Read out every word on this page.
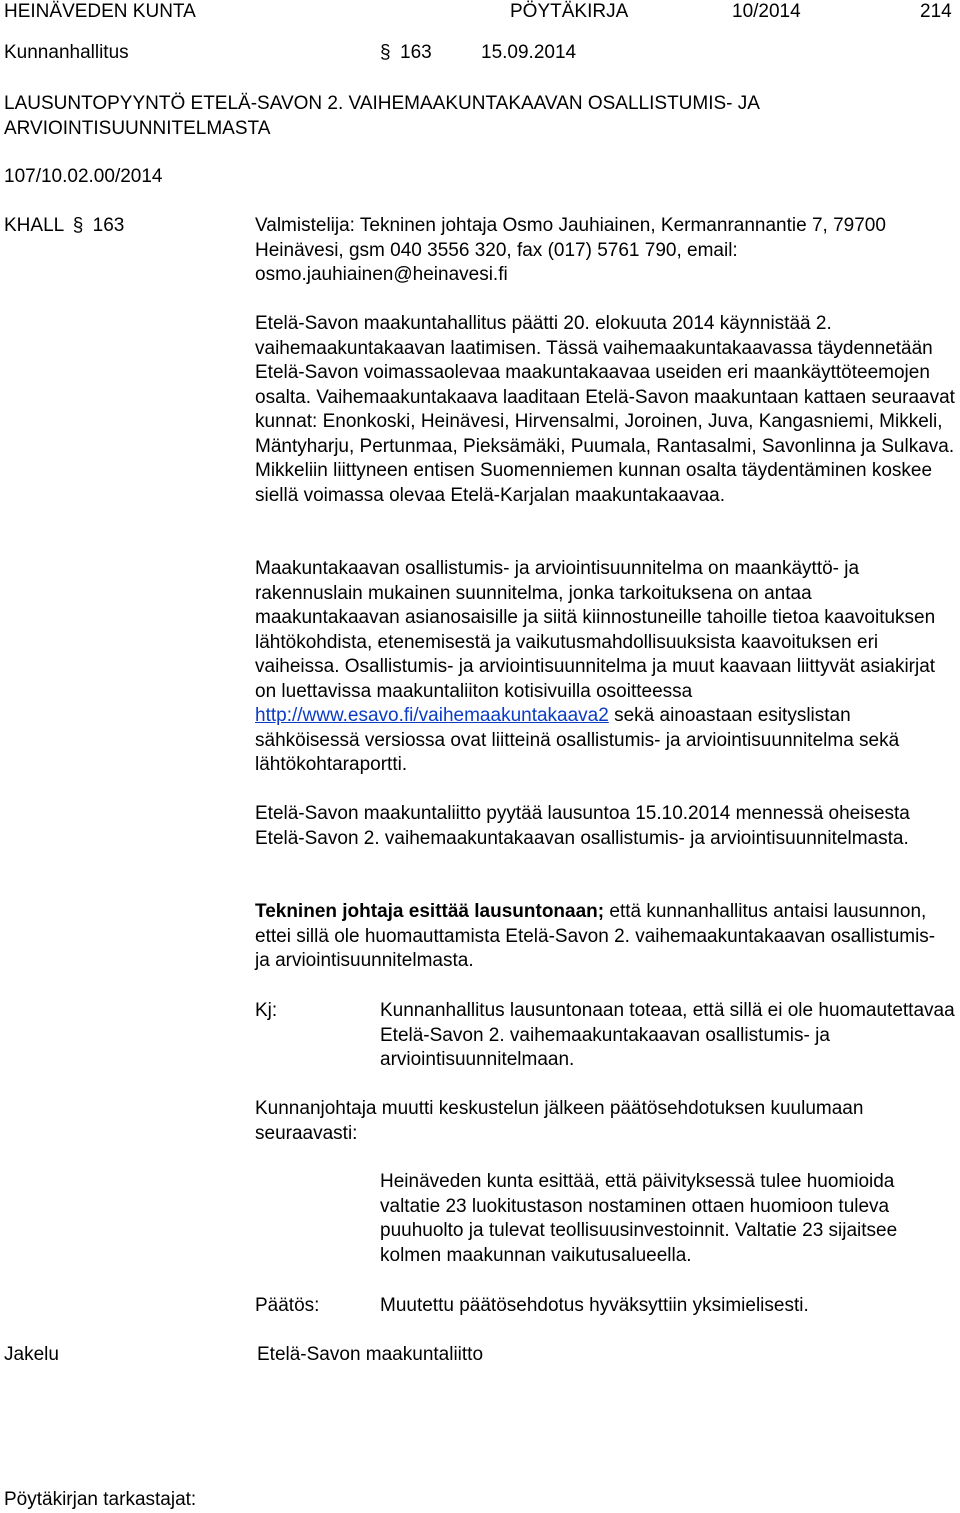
HEINÄVEDEN KUNTA	PÖYTÄKIRJA	10/2014	214
Kunnanhallitus	§ 163	15.09.2014
LAUSUNTOPYYNTÖ ETELÄ-SAVON 2. VAIHEMAAKUNTAKAAVAN OSALLISTUMIS- JA
ARVIOINTISUUNNITELMASTA
107/10.02.00/2014
KHALL § 163	Valmistelija: Tekninen johtaja Osmo Jauhiainen, Kermanrannantie 7, 79700 Heinävesi, gsm 040 3556 320, fax (017) 5761 790, email: osmo.jauhiainen@heinavesi.fi

Etelä-Savon maakuntahallitus päätti 20. elokuuta 2014 käynnistää 2. vaihemaakuntakaavan laatimisen. Tässä vaihemaakuntakaavassa täydennetään Etelä-Savon voimassaolevaa maakuntakaavaa useiden eri maankäyttöteemojen osalta. Vaihemaakuntakaava laaditaan Etelä-Savon maakuntaan kattaen seuraavat kunnat: Enonkoski, Heinävesi, Hirvensalmi, Joroinen, Juva, Kangasniemi, Mikkeli, Mäntyharju, Pertunmaa, Pieksämäki, Puumala, Rantasalmi, Savonlinna ja Sulkava. Mikkeliin liittyneen entisen Suomenniemen kunnan osalta täydentäminen koskee siellä voimassa olevaa Etelä-Karjalan maakuntakaavaa.

Maakuntakaavan osallistumis- ja arviointisuunnitelma on maankäyttö- ja rakennuslain mukainen suunnitelma, jonka tarkoituksena on antaa maakuntakaavan asianosaisille ja siitä kiinnostuneille tahoille tietoa kaavoituksen lähtökohdista, etenemisestä ja vaikutusmahdollisuuksista kaavoituksen eri vaiheissa. Osallistumis- ja arviointisuunnitelma ja muut kaavaan liittyvät asiakirjat on luettavissa maakuntaliiton kotisivuilla osoitteessa http://www.esavo.fi/vaihemaakuntakaava2 sekä ainoastaan esityslistan sähköisessä versiossa ovat liitteinä osallistumis- ja arviointisuunnitelma sekä lähtökohtaraportti.

Etelä-Savon maakuntaliitto pyytää lausuntoa 15.10.2014 mennessä oheisesta Etelä-Savon 2. vaihemaakuntakaavan osallistumis- ja arviointisuunnitelmasta.

Tekninen johtaja esittää lausuntonaan; että kunnanhallitus antaisi lausunnon, ettei sillä ole huomauttamista Etelä-Savon 2. vaihemaakuntakaavan osallistumis- ja arviointisuunnitelmasta.

Kj:	Kunnanhallitus lausuntonaan toteaa, että sillä ei ole huomautettavaa Etelä-Savon 2. vaihemaakuntakaavan osallistumis- ja arviointisuunnitelmaan.

Kunnanjohtaja muutti keskustelun jälkeen päätösehdotuksen kuulumaan seuraavasti:

Heinäveden kunta esittää, että päivityksessä tulee huomioida valtatie 23 luokitustason nostaminen ottaen huomioon tuleva puuhuolto ja tulevat teollisuusinvestoinnit. Valtatie 23 sijaitsee kolmen maakunnan vaikutusalueella.

Päätös:	Muutettu päätösehdotus hyväksyttiin yksimielisesti.
Jakelu	Etelä-Savon maakuntaliitto
Pöytäkirjan tarkastajat:
